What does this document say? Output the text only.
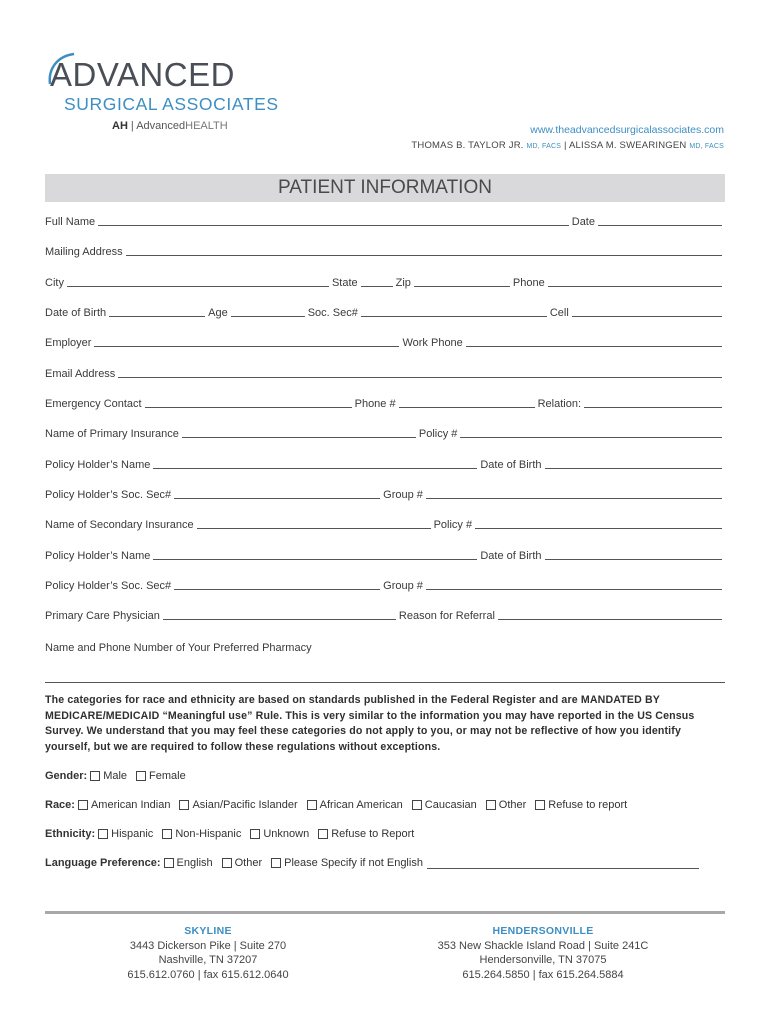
ADVANCED
SURGICAL ASSOCIATES
AH | AdvancedHEALTH	www.theadvancedsurgicalassociates.com
THOMAS B. TAYLOR JR. MD, FACS | ALISSA M. SWEARINGEN MD, FACS
PATIENT INFORMATION
Full Name	Date
Mailing Address
City	State	Zip	Phone
Date of Birth	Age	Soc. Sec#	Cell
Employer	Work Phone
Email Address
Emergency Contact	Phone #	Relation:
Name of Primary Insurance	Policy #
Policy Holder’s Name	Date of Birth
Policy Holder’s Soc. Sec#	Group #
Name of Secondary Insurance	Policy #
Policy Holder’s Name	Date of Birth
Policy Holder’s Soc. Sec#	Group #
Primary Care Physician	Reason for Referral
Name and Phone Number of Your Preferred Pharmacy
The categories for race and ethnicity are based on standards published in the Federal Register and are MANDATED BY MEDICARE/MEDICAID “Meaningful use” Rule. This is very similar to the information you may have reported in the US Census Survey. We understand that you may feel these categories do not apply to you, or may not be reflective of how you identify yourself, but we are required to follow these regulations without exceptions.
Gender: Male Female
Race: American Indian Asian/Pacific Islander African American Caucasian Other Refuse to report
Ethnicity: Hispanic Non-Hispanic Unknown Refuse to Report
Language Preference: English Other Please Specify if not English
SKYLINE
3443 Dickerson Pike | Suite 270
Nashville, TN 37207
615.612.0760 | fax 615.612.0640
HENDERSONVILLE
353 New Shackle Island Road | Suite 241C
Hendersonville, TN 37075
615.264.5850 | fax 615.264.5884
